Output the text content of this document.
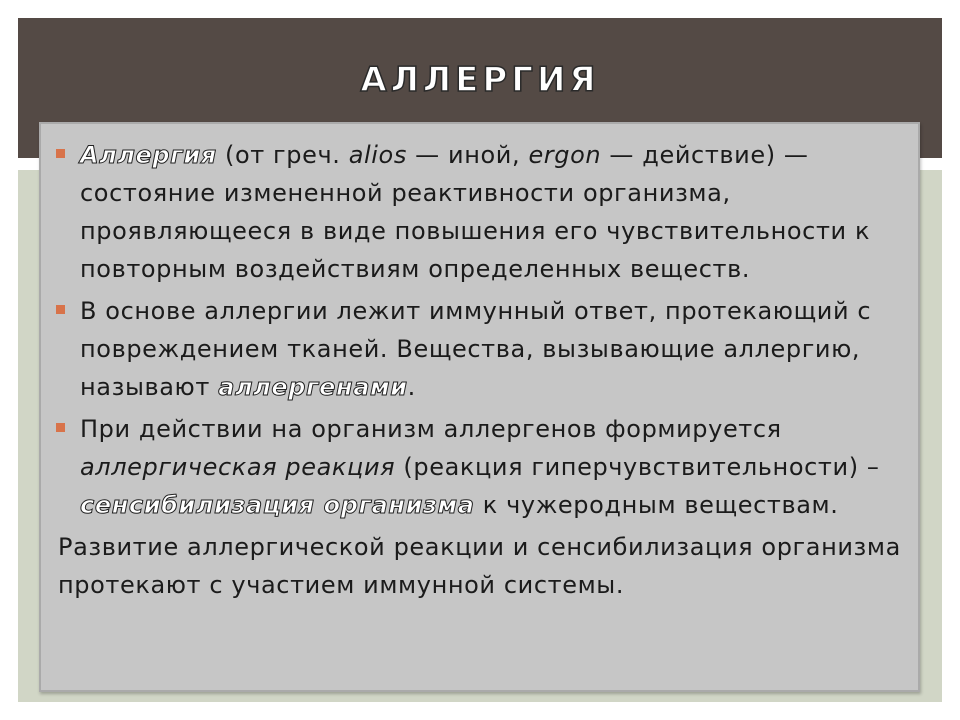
АЛЛЕРГИЯ
Аллергия (от греч. alios — иной, ergon — действие) — состояние измененной реактивности организма, проявляющееся в виде повышения его чувствительности к повторным воздействиям определенных веществ.
В основе аллергии лежит иммунный ответ, протекающий с повреждением тканей. Вещества, вызывающие аллергию, называют аллергенами.
При действии на организм аллергенов формируется аллергическая реакция (реакция гиперчувствительности) – сенсибилизация организма к чужеродным веществам.
Развитие аллергической реакции и сенсибилизация организма протекают с участием иммунной системы.
